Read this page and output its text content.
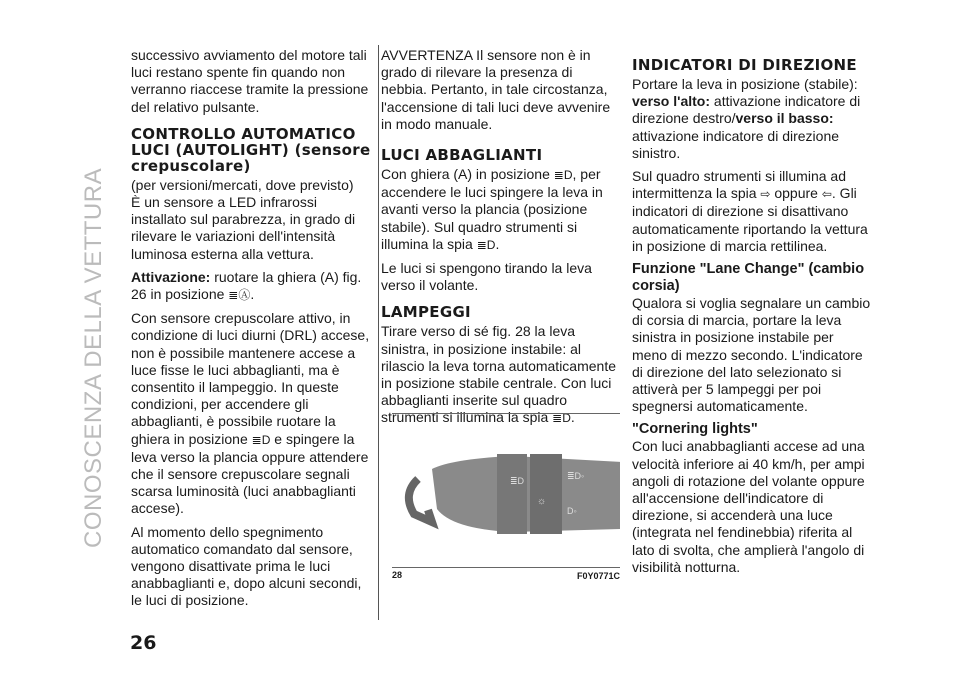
CONOSCENZA DELLA VETTURA

successivo avviamento del motore tali luci restano spente fin quando non verranno riaccese tramite la pressione del relativo pulsante.

CONTROLLO AUTOMATICO LUCI (AUTOLIGHT) (sensore crepuscolare)

(per versioni/mercati, dove previsto)

È un sensore a LED infrarossi installato sul parabrezza, in grado di rilevare le variazioni dell'intensità luminosa esterna alla vettura.

Attivazione: ruotare la ghiera (A) fig. 26 in posizione ≣Ⓐ.

Con sensore crepuscolare attivo, in condizione di luci diurni (DRL) accese, non è possibile mantenere accese a luce fisse le luci abbaglianti, ma è consentito il lampeggio. In queste condizioni, per accendere gli abbaglianti, è possibile ruotare la ghiera in posizione ≣D e spingere la leva verso la plancia oppure attendere che il sensore crepuscolare segnali scarsa luminosità (luci anabbaglianti accese).

Al momento dello spegnimento automatico comandato dal sensore, vengono disattivate prima le luci anabbaglianti e, dopo alcuni secondi, le luci di posizione.

AVVERTENZA Il sensore non è in grado di rilevare la presenza di nebbia. Pertanto, in tale circostanza, l'accensione di tali luci deve avvenire in modo manuale.

LUCI ABBAGLIANTI

Con ghiera (A) in posizione ≣D, per accendere le luci spingere la leva in avanti verso la plancia (posizione stabile). Sul quadro strumenti si illumina la spia ≣D.

Le luci si spengono tirando la leva verso il volante.

LAMPEGGI

Tirare verso di sé fig. 28 la leva sinistra, in posizione instabile: al rilascio la leva torna automaticamente in posizione stabile centrale. Con luci abbaglianti inserite sul quadro strumenti si illumina la spia ≣D.

≣D	≣D◦
D◦
☼
28	F0Y0771C
INDICATORI DI DIREZIONE

Portare la leva in posizione (stabile):

verso l'alto: attivazione indicatore di direzione destro/verso il basso: attivazione indicatore di direzione sinistro.

Sul quadro strumenti si illumina ad intermittenza la spia ⇨ oppure ⇦. Gli indicatori di direzione si disattivano automaticamente riportando la vettura in posizione di marcia rettilinea.

Funzione "Lane Change" (cambio corsia)

Qualora si voglia segnalare un cambio di corsia di marcia, portare la leva sinistra in posizione instabile per meno di mezzo secondo. L'indicatore di direzione del lato selezionato si attiverà per 5 lampeggi per poi spegnersi automaticamente.

"Cornering lights"

Con luci anabbaglianti accese ad una velocità inferiore ai 40 km/h, per ampi angoli di rotazione del volante oppure all'accensione dell'indicatore di direzione, si accenderà una luce (integrata nel fendinebbia) riferita al lato di svolta, che amplierà l'angolo di visibilità notturna.

26
